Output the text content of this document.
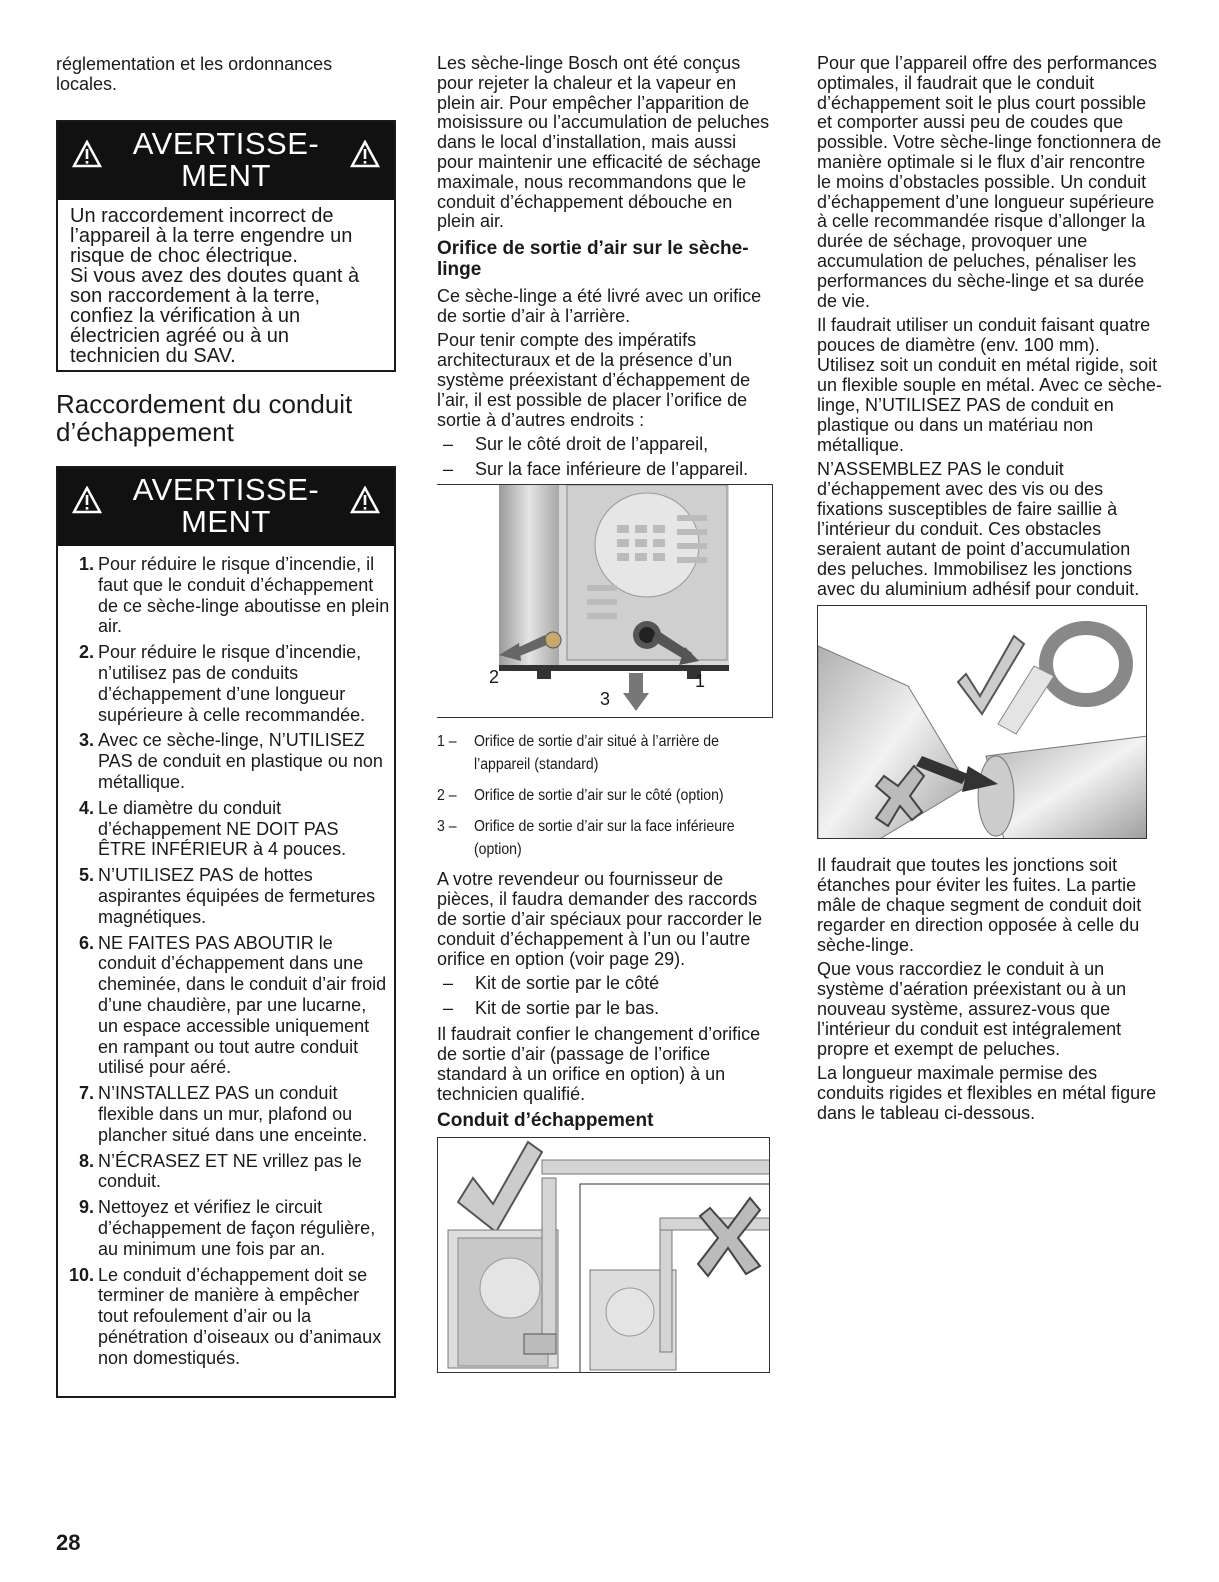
réglementation et les ordonnances locales.

AVERTISSE-
MENT
Un raccordement incorrect de l’appareil à la terre engendre un risque de choc électrique.
Si vous avez des doutes quant à son raccordement à la terre, confiez la vérification à un électricien agréé ou à un technicien du SAV.
Raccordement du conduit d’échappement
AVERTISSE-
MENT
1. Pour réduire le risque d’incendie, il faut que le conduit d’échappement de ce sèche-linge aboutisse en plein air.
2. Pour réduire le risque d’incendie, n’utilisez pas de conduits d’échappement d’une longueur supérieure à celle recommandée.
3. Avec ce sèche-linge, N’UTILISEZ PAS de conduit en plastique ou non métallique.
4. Le diamètre du conduit d’échappement NE DOIT PAS ÊTRE INFÉRIEUR à 4 pouces.
5. N’UTILISEZ PAS de hottes aspirantes équipées de fermetures magnétiques.
6. NE FAITES PAS ABOUTIR le conduit d’échappement dans une cheminée, dans le conduit d’air froid d’une chaudière, par une lucarne, un espace accessible uniquement en rampant ou tout autre conduit utilisé pour aéré.
7. N’INSTALLEZ PAS un conduit flexible dans un mur, plafond ou plancher situé dans une enceinte.
8. N’ÉCRASEZ ET NE vrillez pas le conduit.
9. Nettoyez et vérifiez le circuit d’échappement de façon régulière, au minimum une fois par an.
10. Le conduit d’échappement doit se terminer de manière à empêcher tout refoulement d’air ou la pénétration d’oiseaux ou d’animaux non domestiqués.

Les sèche-linge Bosch ont été conçus pour rejeter la chaleur et la vapeur en plein air. Pour empêcher l’apparition de moisissure ou l’accumulation de peluches dans le local d’installation, mais aussi pour maintenir une efficacité de séchage maximale, nous recommandons que le conduit d’échappement débouche en plein air.

Orifice de sortie d’air sur le sèche-linge

Ce sèche-linge a été livré avec un orifice de sortie d’air à l’arrière.

Pour tenir compte des impératifs architecturaux et de la présence d’un système préexistant d’échappement de l’air, il est possible de placer l’orifice de sortie à d’autres endroits :

–	Sur le côté droit de l’appareil,
–	Sur la face inférieure de l’appareil.
2	1
3
1 –	Orifice de sortie d’air situé à l’arrière de l’appareil (standard)
2 –	Orifice de sortie d’air sur le côté (option)
3 –	Orifice de sortie d’air sur la face inférieure (option)

A votre revendeur ou fournisseur de pièces, il faudra demander des raccords de sortie d’air spéciaux pour raccorder le conduit d’échappement à l’un ou l’autre orifice en option (voir page 29).

–	Kit de sortie par le côté
–	Kit de sortie par le bas.

Il faudrait confier le changement d’orifice de sortie d’air (passage de l’orifice standard à un orifice en option) à un technicien qualifié.

Conduit d’échappement

Pour que l’appareil offre des performances optimales, il faudrait que le conduit d’échappement soit le plus court possible et comporter aussi peu de coudes que possible. Votre sèche-linge fonctionnera de manière optimale si le flux d’air rencontre le moins d’obstacles possible. Un conduit d’échappement d’une longueur supérieure à celle recommandée risque d’allonger la durée de séchage, provoquer une accumulation de peluches, pénaliser les performances du sèche-linge et sa durée de vie.

Il faudrait utiliser un conduit faisant quatre pouces de diamètre (env. 100 mm). Utilisez soit un conduit en métal rigide, soit un flexible souple en métal. Avec ce sèche-linge, N’UTILISEZ PAS de conduit en plastique ou dans un matériau non métallique.

N’ASSEMBLEZ PAS le conduit d’échappement avec des vis ou des fixations susceptibles de faire saillie à l’intérieur du conduit. Ces obstacles seraient autant de point d’accumulation des peluches. Immobilisez les jonctions avec du aluminium adhésif pour conduit.

Il faudrait que toutes les jonctions soit étanches pour éviter les fuites. La partie mâle de chaque segment de conduit doit regarder en direction opposée à celle du sèche-linge.

Que vous raccordiez le conduit à un système d’aération préexistant ou à un nouveau système, assurez-vous que l’intérieur du conduit est intégralement propre et exempt de peluches.

La longueur maximale permise des conduits rigides et flexibles en métal figure dans le tableau ci-dessous.

28
